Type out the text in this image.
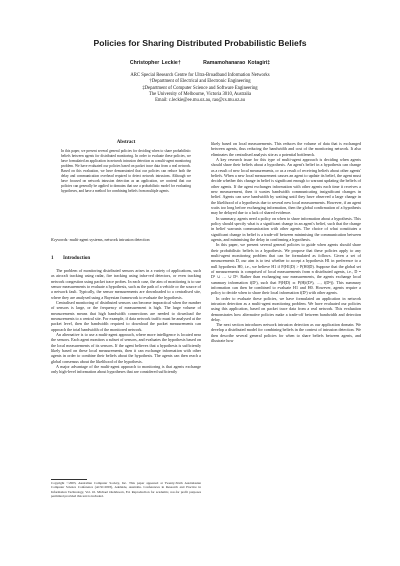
Policies for Sharing Distributed Probabilistic Beliefs
Christopher Leckie†	Ramamohanarao Kotagiri‡
ARC Special Research Centre for Ultra-Broadband Information Networks
†Department of Electrical and Electronic Engineering
‡Department of Computer Science and Software Engineering
The University of Melbourne, Victoria 3010, Australia
Email: c.leckie@ee.mu.oz.au, rao@cs.mu.oz.au
Abstract
In this paper, we present several general policies for deciding when to share probabilistic beliefs between agents for distributed monitoring. In order to evaluate these policies, we have formulated an application in network intrusion detection as a multi-agent monitoring problem. We have evaluated our policies based on packet trace data from a real network. Based on this evaluation, we have demonstrated that our policies can reduce both the delay and communication overhead required to detect network intrusions. Although we have focused on network intrusion detection as an application, we contend that our policies can generally be applied to domains that use a probabilistic model for evaluating hypotheses, and have a method for combining beliefs from multiple agents.
Keywords: multi-agent systems, network intrusion detection
1 Introduction

The problem of monitoring distributed sensors arises in a variety of applications, such as aircraft tracking using radar, fire tracking using infra-red detectors, or even tracking network congestion using packet trace probes. In each case, the aim of monitoring is to use sensor measurements to evaluate a hypothesis, such as the path of a vehicle or the source of a network fault. Typically, the sensor measurements are downloaded to a centralised site, where they are analysed using a Bayesian framework to evaluate the hypothesis.

Centralised monitoring of distributed sensors can become impractical when the number of sensors is large, or the frequency of measurement is high. The large volume of measurements means that high bandwidth connections are needed to download the measurements to a central site. For example, if data network traffic must be analysed at the packet level, then the bandwidth required to download the packet measurements can approach the total bandwidth of the monitored network.

An alternative is to use a multi-agent approach, where more intelligence is located near the sensors. Each agent monitors a subset of sensors, and evaluates the hypothesis based on the local measurements of its sensors. If the agent believes that a hypothesis is sufficiently likely based on these local measurements, then it can exchange information with other agents in order to combine their beliefs about the hypothesis. The agents can then reach a global consensus about the likelihood of the hypothesis.

A major advantage of the multi-agent approach to monitoring is that agents exchange only high-level information about hypotheses that are considered sufficiently

Copyright ©2003, Australian Computer Society, Inc. This paper appeared at Twenty-Sixth Australasian Computer Science Conference (ACSC2003), Adelaide, Australia. Conferences in Research and Practice in Information Technology, Vol. 16. Michael Oudshoorn, Ed. Reproduction for academic, not-for profit purposes permitted provided this text is included.

likely based on local measurements. This reduces the volume of data that is exchanged between agents, thus reducing the bandwidth and cost of the monitoring network. It also eliminates the centralised analysis site as a potential bottleneck.

A key research issue for this type of multi-agent approach is deciding when agents should share their beliefs about a hypothesis. An agent's belief in a hypothesis can change as a result of new local measurements, or as a result of receiving beliefs about other agents' beliefs. When a new local measurement causes an agent to update its belief, the agent must decide whether this change in belief is significant enough to warrant updating the beliefs of other agents. If the agent exchanges information with other agents each time it receives a new measurement, then it wastes bandwidth communicating insignificant changes in belief. Agents can save bandwidth by waiting until they have observed a large change in the likelihood of a hypothesis due to several new local measurements. However, if an agent waits too long before exchanging information, then the global confirmation of a hypothesis may be delayed due to a lack of shared evidence.

In summary, agents need a policy on when to share information about a hypothesis. This policy should specify what is a significant change in an agent's belief, such that the change in belief warrants communication with other agents. The choice of what constitutes a significant change in belief is a trade-off between minimising the communication between agents, and minimising the delay in confirming a hypothesis.

In this paper, we present several general policies to guide when agents should share their probabilistic beliefs in a hypothesis. We propose that these policies apply to any multi-agent monitoring problem that can be formulated as follows. Given a set of measurements D, our aim is to test whether to accept a hypothesis H1 in preference to a null hypothesis H0, i.e., we believe H1 if P(H1|D) > P(H0|D). Suppose that the global set of measurements is comprised of local measurements from n distributed agents, i.e., D = D¹ ∪ … ∪ Dⁿ. Rather than exchanging raw measurements, the agents exchange local summary information f(Dⁱ), such that P(H|D) ≃ P(H|f(D¹), …, f(Dⁿ)). This summary information can then be combined to evaluate H1 and H0. However, agents require a policy to decide when to share their local information f(Dⁱ) with other agents.

In order to evaluate these policies, we have formulated an application in network intrusion detection as a multi-agent monitoring problem. We have evaluated our policies using this application, based on packet trace data from a real network. This evaluation demonstrates how alternative policies make a trade-off between bandwidth and detection delay.

The next section introduces network intrusion detection as our application domain. We develop a distributed model for combining beliefs in the context of intrusion detection. We then describe several general policies for when to share beliefs between agents, and illustrate how
